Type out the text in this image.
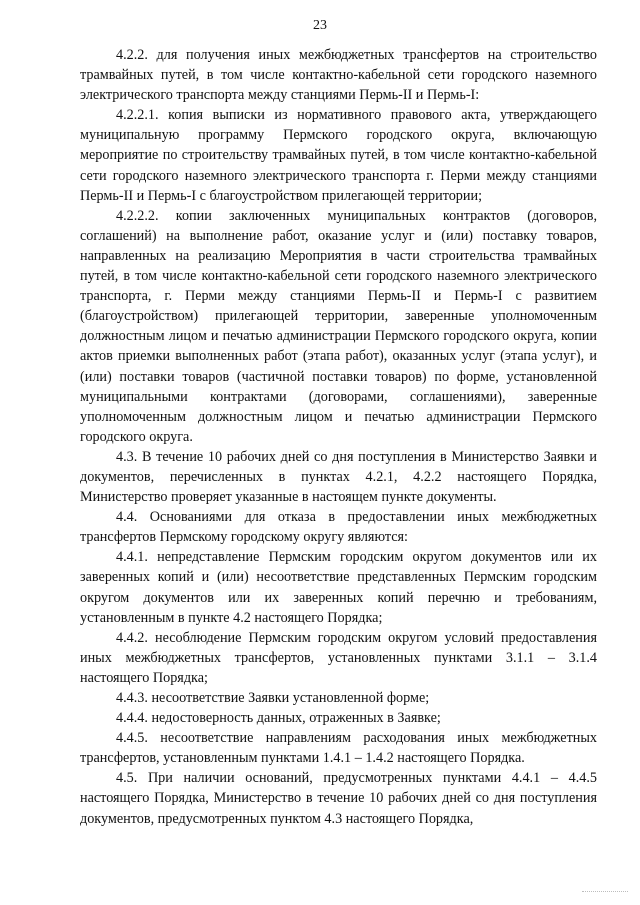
23

4.2.2. для получения иных межбюджетных трансфертов на строительство трамвайных путей, в том числе контактно-кабельной сети городского наземного электрического транспорта между станциями Пермь-II и Пермь-I:

4.2.2.1. копия выписки из нормативного правового акта, утверждающего муниципальную программу Пермского городского округа, включающую мероприятие по строительству трамвайных путей, в том числе контактно-кабельной сети городского наземного электрического транспорта г. Перми между станциями Пермь-II и Пермь-I с благоустройством прилегающей территории;

4.2.2.2. копии заключенных муниципальных контрактов (договоров, соглашений) на выполнение работ, оказание услуг и (или) поставку товаров, направленных на реализацию Мероприятия в части строительства трамвайных путей, в том числе контактно-кабельной сети городского наземного электрического транспорта, г. Перми между станциями Пермь-II и Пермь-I с развитием (благоустройством) прилегающей территории, заверенные уполномоченным должностным лицом и печатью администрации Пермского городского округа, копии актов приемки выполненных работ (этапа работ), оказанных услуг (этапа услуг), и (или) поставки товаров (частичной поставки товаров) по форме, установленной муниципальными контрактами (договорами, соглашениями), заверенные уполномоченным должностным лицом и печатью администрации Пермского городского округа.

4.3. В течение 10 рабочих дней со дня поступления в Министерство Заявки и документов, перечисленных в пунктах 4.2.1, 4.2.2 настоящего Порядка, Министерство проверяет указанные в настоящем пункте документы.

4.4. Основаниями для отказа в предоставлении иных межбюджетных трансфертов Пермскому городскому округу являются:

4.4.1. непредставление Пермским городским округом документов или их заверенных копий и (или) несоответствие представленных Пермским городским округом документов или их заверенных копий перечню и требованиям, установленным в пункте 4.2 настоящего Порядка;

4.4.2. несоблюдение Пермским городским округом условий предоставления иных межбюджетных трансфертов, установленных пунктами 3.1.1 – 3.1.4 настоящего Порядка;

4.4.3. несоответствие Заявки установленной форме;

4.4.4. недостоверность данных, отраженных в Заявке;

4.4.5. несоответствие направлениям расходования иных межбюджетных трансфертов, установленным пунктами 1.4.1 – 1.4.2 настоящего Порядка.

4.5. При наличии оснований, предусмотренных пунктами 4.4.1 – 4.4.5 настоящего Порядка, Министерство в течение 10 рабочих дней со дня поступления документов, предусмотренных пунктом 4.3 настоящего Порядка,
